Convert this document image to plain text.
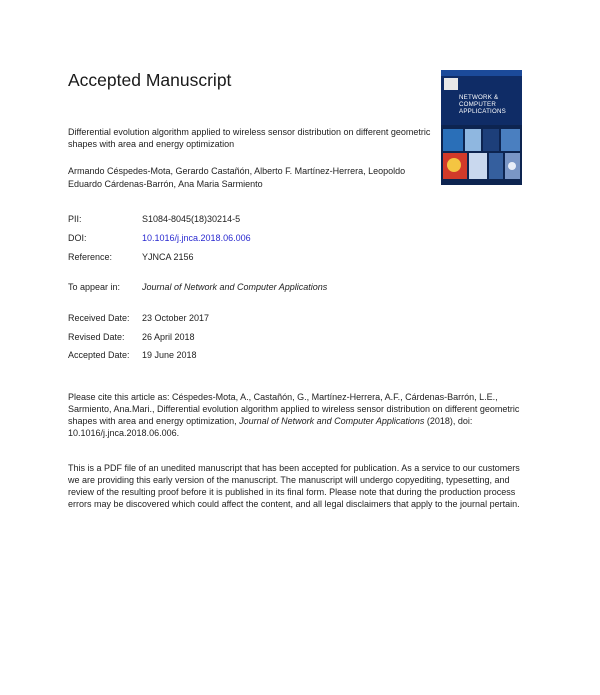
Accepted Manuscript
NETWORK &
COMPUTER
APPLICATIONS
Differential evolution algorithm applied to wireless sensor distribution on different geometric shapes with area and energy optimization
Armando Céspedes-Mota, Gerardo Castañón, Alberto F. Martínez-Herrera, Leopoldo Eduardo Cárdenas-Barrón, Ana Maria Sarmiento
PII:	S1084-8045(18)30214-5
DOI:	10.1016/j.jnca.2018.06.006
Reference:	YJNCA 2156
To appear in: Journal of Network and Computer Applications
Received Date: 23 October 2017
Revised Date: 26 April 2018
Accepted Date: 19 June 2018
Please cite this article as: Céspedes-Mota, A., Castañón, G., Martínez-Herrera, A.F., Cárdenas-Barrón, L.E., Sarmiento, Ana.Mari., Differential evolution algorithm applied to wireless sensor distribution on different geometric shapes with area and energy optimization, Journal of Network and Computer Applications (2018), doi: 10.1016/j.jnca.2018.06.006.
This is a PDF file of an unedited manuscript that has been accepted for publication. As a service to our customers we are providing this early version of the manuscript. The manuscript will undergo copyediting, typesetting, and review of the resulting proof before it is published in its final form. Please note that during the production process errors may be discovered which could affect the content, and all legal disclaimers that apply to the journal pertain.
